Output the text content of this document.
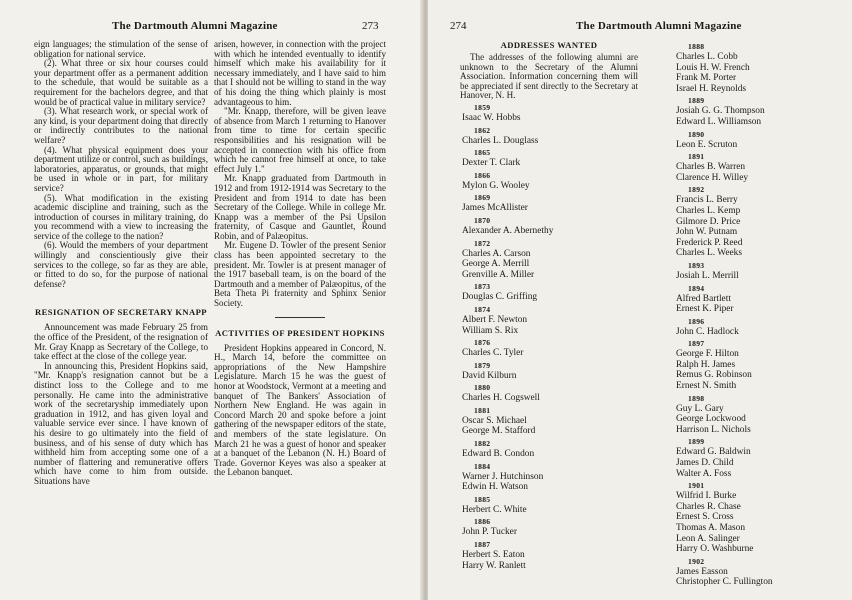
The Dartmouth Alumni Magazine	273

eign languages; the stimulation of the sense of obligation for national service.

(2). What three or six hour courses could your department offer as a permanent addition to the schedule, that would be suitable as a requirement for the bachelors degree, and that would be of practical value in military service?

(3). What research work, or special work of any kind, is your department doing that directly or indirectly contributes to the national welfare?

(4). What physical equipment does your department utilize or control, such as buildings, laboratories, apparatus, or grounds, that might be used in whole or in part, for military service?

(5). What modification in the existing academic discipline and training, such as the introduction of courses in military training, do you recommend with a view to increasing the service of the college to the nation?

(6). Would the members of your department willingly and conscientiously give their services to the college, so far as they are able, or fitted to do so, for the purpose of national defense?

RESIGNATION OF SECRETARY KNAPP

Announcement was made February 25 from the office of the President, of the resignation of Mr. Gray Knapp as Secretary of the College, to take effect at the close of the college year.

In announcing this, President Hopkins said, "Mr. Knapp's resignation cannot but be a distinct loss to the College and to me personally. He came into the administrative work of the secretaryship immediately upon graduation in 1912, and has given loyal and valuable service ever since. I have known of his desire to go ultimately into the field of business, and of his sense of duty which has withheld him from accepting some one of a number of flattering and remunerative offers which have come to him from outside. Situations have

arisen, however, in connection with the project with which he intended eventually to identify himself which make his availability for it necessary immediately, and I have said to him that I should not be willing to stand in the way of his doing the thing which plainly is most advantageous to him.

"Mr. Knapp, therefore, will be given leave of absence from March 1 returning to Hanover from time to time for certain specific responsibilities and his resignation will be accepted in connection with his office from which he cannot free himself at once, to take effect July 1."

Mr. Knapp graduated from Dartmouth in 1912 and from 1912-1914 was Secretary to the President and from 1914 to date has been Secretary of the College. While in college Mr. Knapp was a member of the Psi Upsilon fraternity, of Casque and Gauntlet, Round Robin, and of Palæopitus.

Mr. Eugene D. Towler of the present Senior class has been appointed secretary to the president. Mr. Towler is at present manager of the 1917 baseball team, is on the board of the Dartmouth and a member of Palæopitus, of the Beta Theta Pi fraternity and Sphinx Senior Society.

ACTIVITIES OF PRESIDENT HOPKINS

President Hopkins appeared in Concord, N. H., March 14, before the committee on appropriations of the New Hampshire Legislature. March 15 he was the guest of honor at Woodstock, Vermont at a meeting and banquet of The Bankers' Association of Northern New England. He was again in Concord March 20 and spoke before a joint gathering of the newspaper editors of the state, and members of the state legislature. On March 21 he was a guest of honor and speaker at a banquet of the Lebanon (N. H.) Board of Trade. Governor Keyes was also a speaker at the Lebanon banquet.

274	The Dartmouth Alumni Magazine
ADDRESSES WANTED

The addresses of the following alumni are unknown to the Secretary of the Alumni Association. Information concerning them will be appreciated if sent directly to the Secretary at Hanover, N. H.

1859
Isaac W. Hobbs
1862
Charles L. Douglass
1865
Dexter T. Clark
1866
Mylon G. Wooley
1869
James McAllister
1870
Alexander A. Abernethy
1872
Charles A. Carson
George A. Merrill
Grenville A. Miller
1873
Douglas C. Griffing
1874
Albert F. Newton
William S. Rix
1876
Charles C. Tyler
1879
David Kilburn
1880
Charles H. Cogswell
1881
Oscar S. Michael
George M. Stafford
1882
Edward B. Condon
1884
Warner J. Hutchinson
Edwin H. Watson
1885
Herbert C. White
1886
John P. Tucker
1887
Herbert S. Eaton
Harry W. Ranlett
1888
Charles L. Cobb
Louis H. W. French
Frank M. Porter
Israel H. Reynolds
1889
Josiah G. G. Thompson
Edward L. Williamson
1890
Leon E. Scruton
1891
Charles B. Warren
Clarence H. Willey
1892
Francis L. Berry
Charles L. Kemp
Gilmore D. Price
John W. Putnam
Frederick P. Reed
Charles L. Weeks
1893
Josiah L. Merrill
1894
Alfred Bartlett
Ernest K. Piper
1896
John C. Hadlock
1897
George F. Hilton
Ralph H. James
Remus G. Robinson
Ernest N. Smith
1898
Guy L. Gary
George Lockwood
Harrison L. Nichols
1899
Edward G. Baldwin
James D. Child
Walter A. Foss
1901
Wilfrid I. Burke
Charles R. Chase
Ernest S. Cross
Thomas A. Mason
Leon A. Salinger
Harry O. Washburne
1902
James Easson
Christopher C. Fullington
